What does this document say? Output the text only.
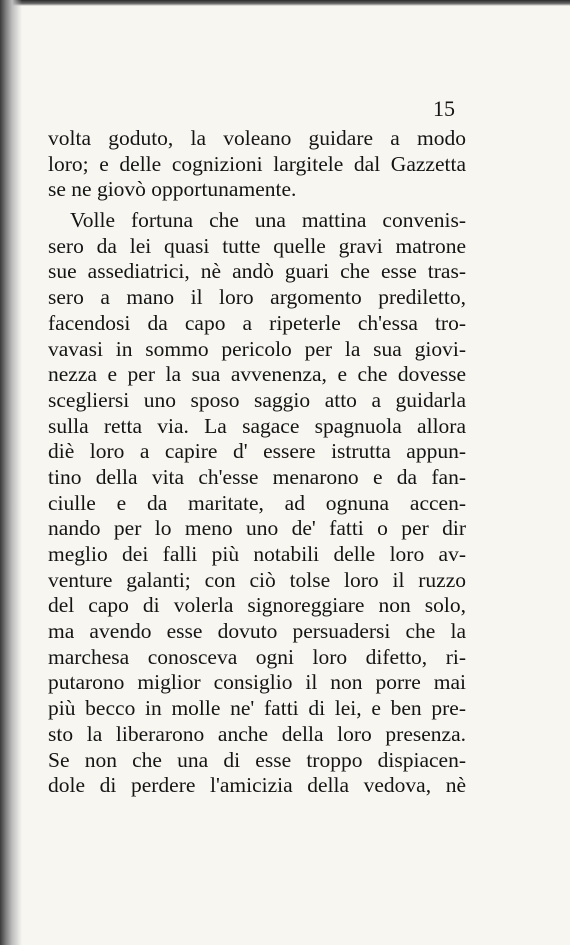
15
volta goduto, la voleano guidare a modo
loro; e delle cognizioni largitele dal Gazzetta
se ne giovò opportunamente.
Volle fortuna che una mattina convenis-
sero da lei quasi tutte quelle gravi matrone
sue assediatrici, nè andò guari che esse tras-
sero a mano il loro argomento prediletto,
facendosi da capo a ripeterle ch'essa tro-
vavasi in sommo pericolo per la sua giovi-
nezza e per la sua avvenenza, e che dovesse
scegliersi uno sposo saggio atto a guidarla
sulla retta via. La sagace spagnuola allora
diè loro a capire d' essere istrutta appun-
tino della vita ch'esse menarono e da fan-
ciulle e da maritate, ad ognuna accen-
nando per lo meno uno de' fatti o per dir
meglio dei falli più notabili delle loro av-
venture galanti; con ciò tolse loro il ruzzo
del capo di volerla signoreggiare non solo,
ma avendo esse dovuto persuadersi che la
marchesa conosceva ogni loro difetto, ri-
putarono miglior consiglio il non porre mai
più becco in molle ne' fatti di lei, e ben pre-
sto la liberarono anche della loro presenza.
Se non che una di esse troppo dispiacen-
dole di perdere l'amicizia della vedova, nè
